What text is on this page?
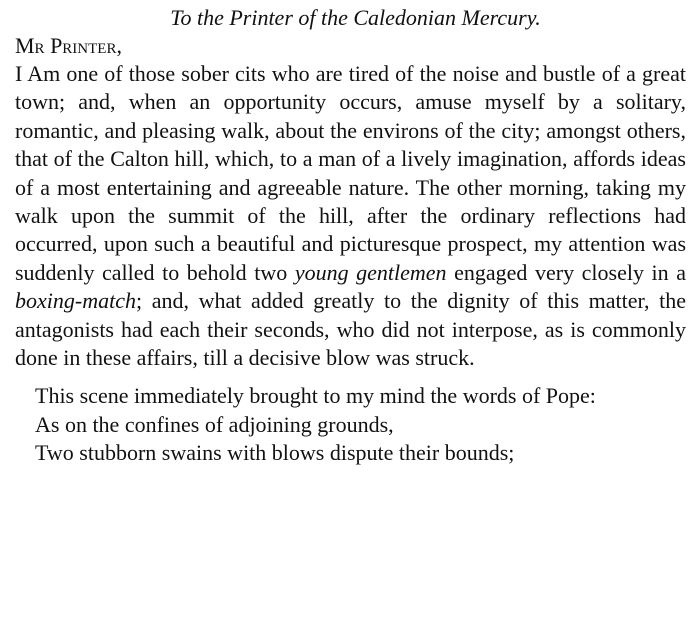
To the Printer of the Caledonian Mercury.

Mr Printer,

I Am one of those sober cits who are tired of the noise and bustle of a great town; and, when an opportunity occurs, amuse myself by a solitary, romantic, and pleasing walk, about the environs of the city; amongst others, that of the Calton hill, which, to a man of a lively imagination, affords ideas of a most entertaining and agreeable nature. The other morning, taking my walk upon the summit of the hill, after the ordinary reflections had occurred, upon such a beautiful and picturesque prospect, my attention was suddenly called to behold two young gentlemen engaged very closely in a boxing-match; and, what added greatly to the dignity of this matter, the antagonists had each their seconds, who did not interpose, as is commonly done in these affairs, till a decisive blow was struck.

This scene immediately brought to my mind the words of Pope:

As on the confines of adjoining grounds,
Two stubborn swains with blows dispute their bounds;
